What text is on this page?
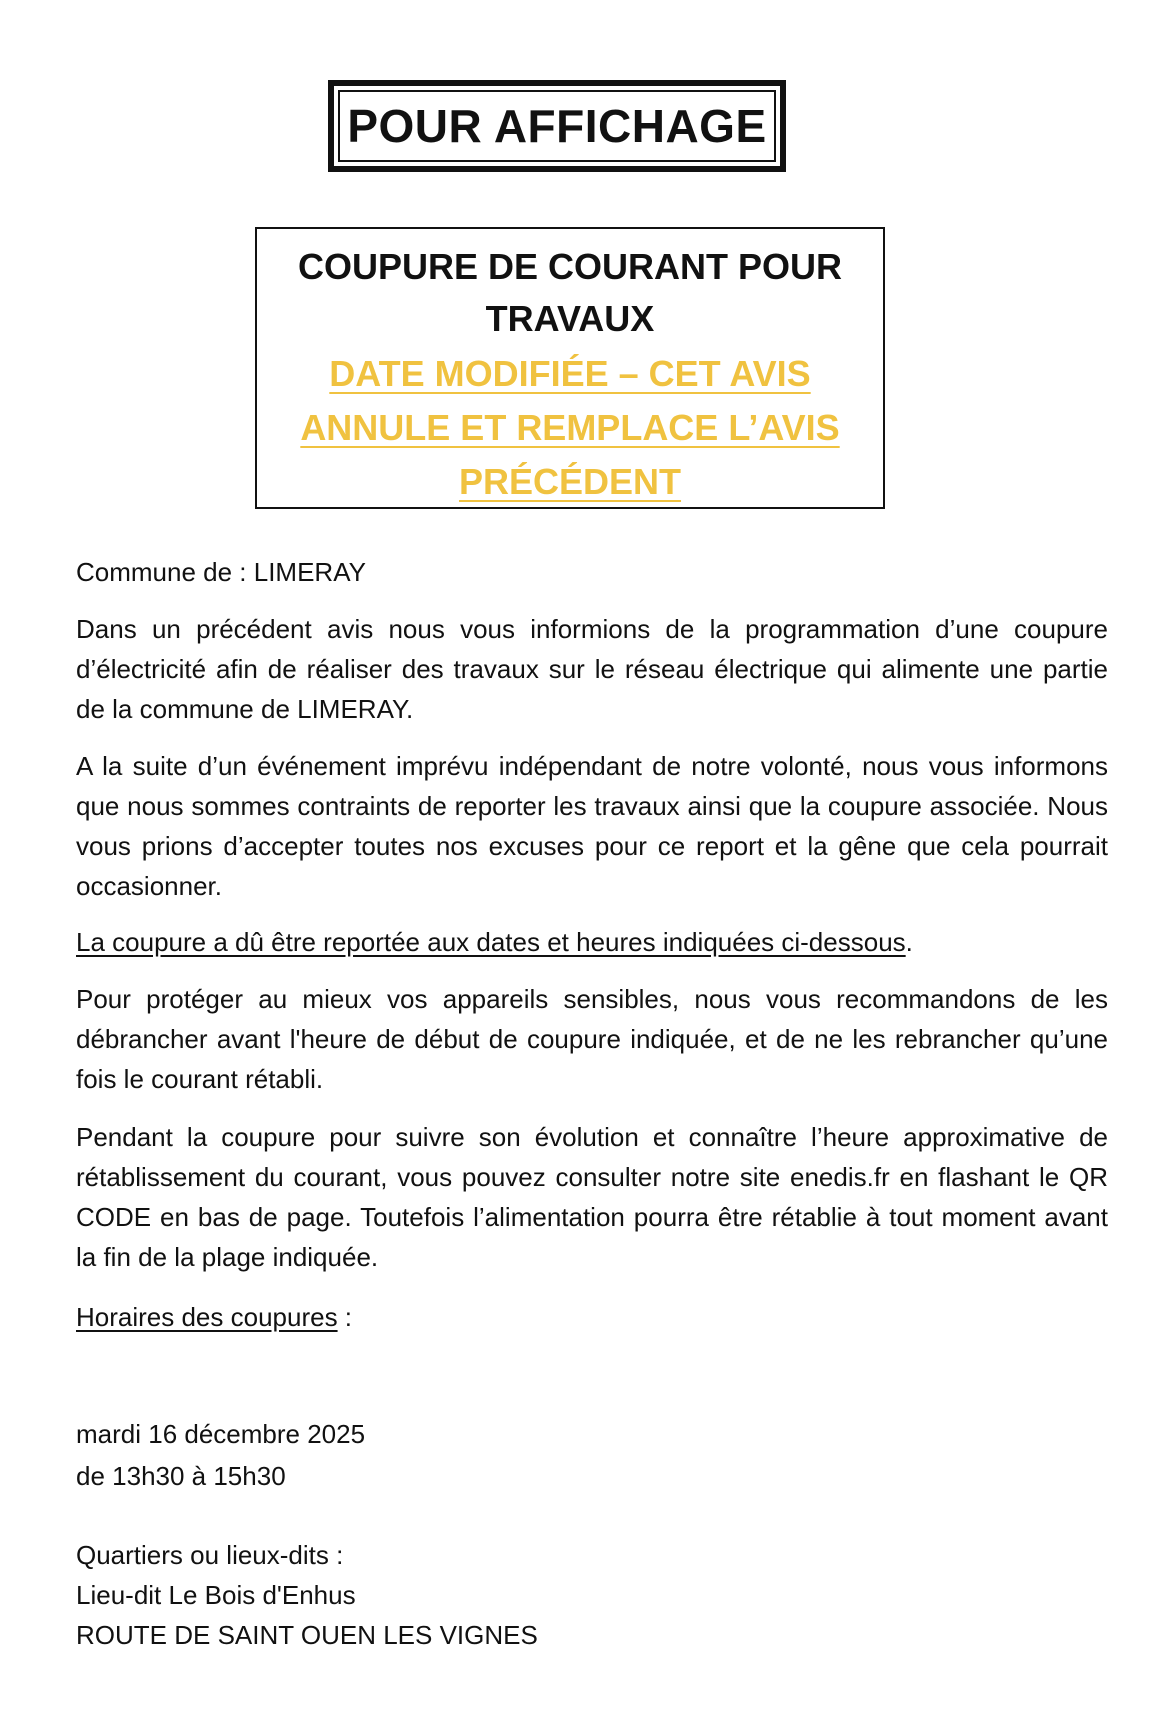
POUR AFFICHAGE
COUPURE DE COURANT POUR
TRAVAUX
DATE MODIFIÉE – CET AVIS
ANNULE ET REMPLACE L’AVIS
PRÉCÉDENT
Commune de : LIMERAY
Dans un précédent avis nous vous informions de la programmation d’une coupure d’électricité afin de réaliser des travaux sur le réseau électrique qui alimente une partie de la commune de LIMERAY.
A la suite d’un événement imprévu indépendant de notre volonté, nous vous informons que nous sommes contraints de reporter les travaux ainsi que la coupure associée. Nous vous prions d’accepter toutes nos excuses pour ce report et la gêne que cela pourrait occasionner.
La coupure a dû être reportée aux dates et heures indiquées ci-dessous.
Pour protéger au mieux vos appareils sensibles, nous vous recommandons de les débrancher avant l'heure de début de coupure indiquée, et de ne les rebrancher qu’une fois le courant rétabli.
Pendant la coupure pour suivre son évolution et connaître l’heure approximative de rétablissement du courant, vous pouvez consulter notre site enedis.fr en flashant le QR CODE en bas de page. Toutefois l’alimentation pourra être rétablie à tout moment avant la fin de la plage indiquée.
Horaires des coupures :
mardi 16 décembre 2025
de 13h30 à 15h30
Quartiers ou lieux-dits :
Lieu-dit Le Bois d'Enhus
ROUTE DE SAINT OUEN LES VIGNES
